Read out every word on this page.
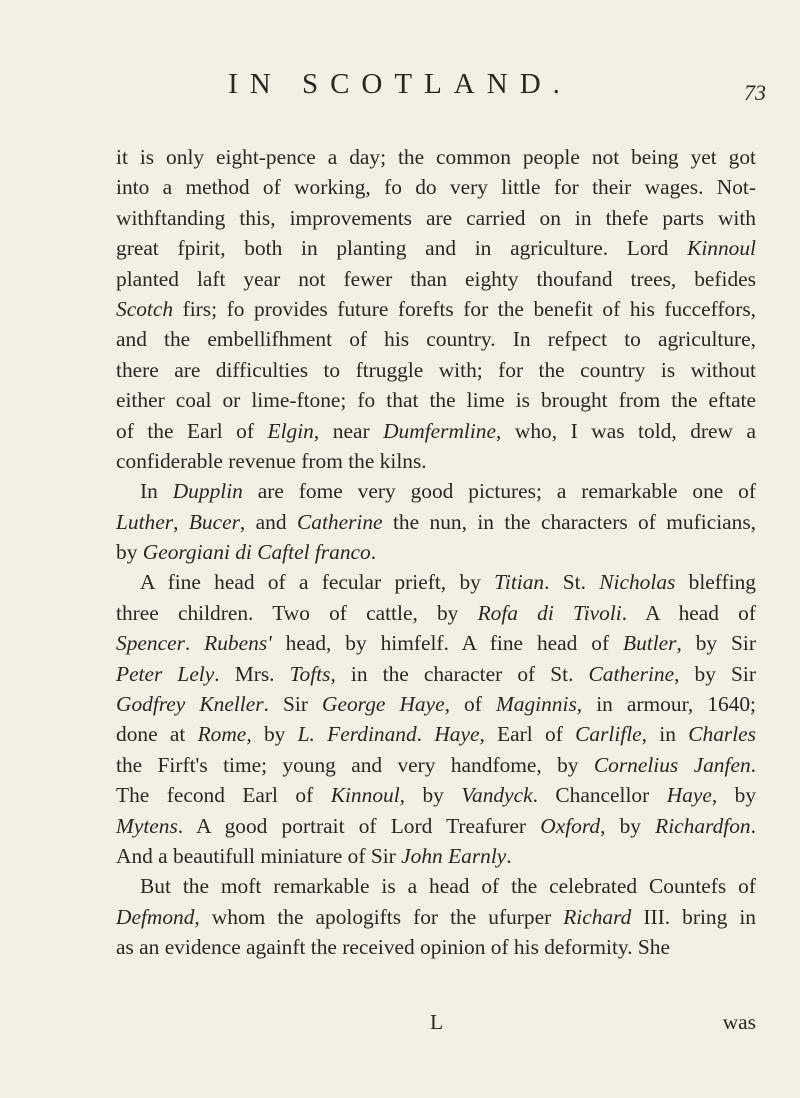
IN SCOTLAND.	73
it is only eight-pence a day; the common people not being yet got
into a method of working, fo do very little for their wages. Not-
withftanding this, improvements are carried on in thefe parts with
great fpirit, both in planting and in agriculture. Lord Kinnoul
planted laft year not fewer than eighty thoufand trees, befides
Scotch firs; fo provides future forefts for the benefit of his fucceffors,
and the embellifhment of his country. In refpect to agriculture,
there are difficulties to ftruggle with; for the country is without
either coal or lime-ftone; fo that the lime is brought from the eftate
of the Earl of Elgin, near Dumfermline, who, I was told, drew a
confiderable revenue from the kilns.
In Dupplin are fome very good pictures; a remarkable one of
Luther, Bucer, and Catherine the nun, in the characters of muficians,
by Georgiani di Caftel franco.
A fine head of a fecular prieft, by Titian. St. Nicholas bleffing
three children. Two of cattle, by Rofa di Tivoli. A head of
Spencer. Rubens' head, by himfelf. A fine head of Butler, by Sir
Peter Lely. Mrs. Tofts, in the character of St. Catherine, by Sir
Godfrey Kneller. Sir George Haye, of Maginnis, in armour, 1640;
done at Rome, by L. Ferdinand. Haye, Earl of Carlifle, in Charles
the Firft's time; young and very handfome, by Cornelius Janfen.
The fecond Earl of Kinnoul, by Vandyck. Chancellor Haye, by
Mytens. A good portrait of Lord Treafurer Oxford, by Richardfon.
And a beautifull miniature of Sir John Earnly.
But the moft remarkable is a head of the celebrated Countefs of
Defmond, whom the apologifts for the ufurper Richard III. bring in
as an evidence againft the received opinion of his deformity. She
L	was
